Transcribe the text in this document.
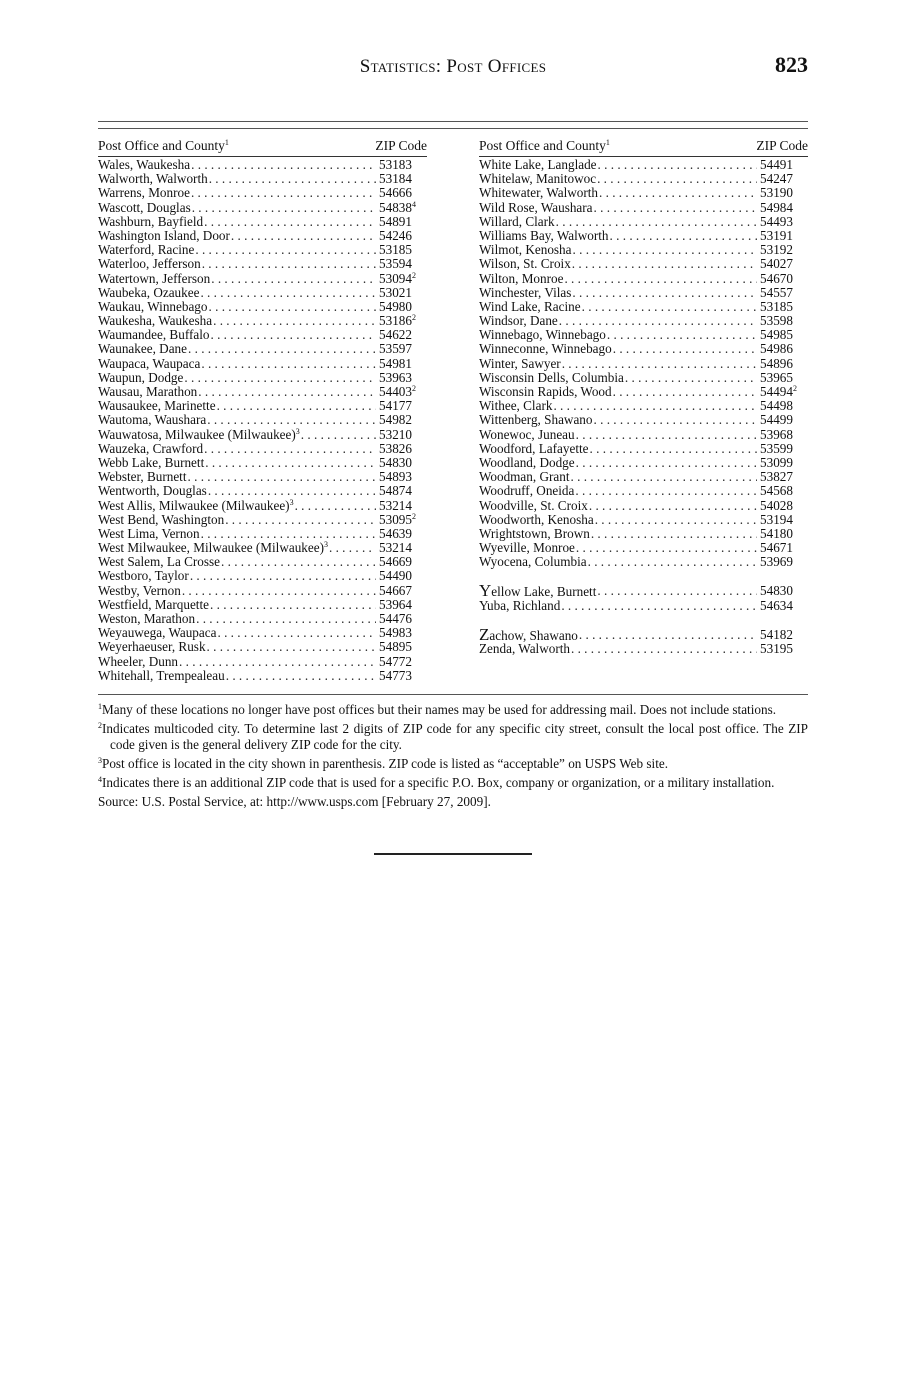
Statistics: Post Offices	823
Post Office and County$^1$	ZIP Code
Wales, Waukesha . . .	53183
Walworth, Walworth . . .	53184
Warrens, Monroe . . .	54666
Wascott, Douglas . . .	54838$^4$
Washburn, Bayfield . . .	54891
Washington Island, Door . . .	54246
Waterford, Racine . . .	53185
Waterloo, Jefferson . . .	53594
Watertown, Jefferson . . .	53094$^2$
Waubeka, Ozaukee . . .	53021
Waukau, Winnebago . . .	54980
Waukesha, Waukesha . . .	53186$^2$
Waumandee, Buffalo . . .	54622
Waunakee, Dane . . .	53597
Waupaca, Waupaca . . .	54981
Waupun, Dodge . . .	53963
Wausau, Marathon . . .	54403$^2$
Wausaukee, Marinette . . .	54177
Wautoma, Waushara . . .	54982
Wauwatosa, Milwaukee (Milwaukee)$^3$ . . .	53210
Wauzeka, Crawford . . .	53826
Webb Lake, Burnett . . .	54830
Webster, Burnett . . .	54893
Wentworth, Douglas . . .	54874
West Allis, Milwaukee (Milwaukee)$^3$ . . .	53214
West Bend, Washington . . .	53095$^2$
West Lima, Vernon . . .	54639
West Milwaukee, Milwaukee (Milwaukee)$^3$ . . .	53214
West Salem, La Crosse . . .	54669
Westboro, Taylor . . .	54490
Westby, Vernon . . .	54667
Westfield, Marquette . . .	53964
Weston, Marathon . . .	54476
Weyauwega, Waupaca . . .	54983
Weyerhaeuser, Rusk . . .	54895
Wheeler, Dunn . . .	54772
Whitehall, Trempealeau . . .	54773
Post Office and County$^1$	ZIP Code
White Lake, Langlade . . .	54491
Whitelaw, Manitowoc . . .	54247
Whitewater, Walworth . . .	53190
Wild Rose, Waushara . . .	54984
Willard, Clark . . .	54493
Williams Bay, Walworth . . .	53191
Wilmot, Kenosha . . .	53192
Wilson, St. Croix . . .	54027
Wilton, Monroe . . .	54670
Winchester, Vilas . . .	54557
Wind Lake, Racine . . .	53185
Windsor, Dane . . .	53598
Winnebago, Winnebago . . .	54985
Winneconne, Winnebago . . .	54986
Winter, Sawyer . . .	54896
Wisconsin Dells, Columbia . . .	53965
Wisconsin Rapids, Wood . . .	54494$^2$
Withee, Clark . . .	54498
Wittenberg, Shawano . . .	54499
Wonewoc, Juneau . . .	53968
Woodford, Lafayette . . .	53599
Woodland, Dodge . . .	53099
Woodman, Grant . . .	53827
Woodruff, Oneida . . .	54568
Woodville, St. Croix . . .	54028
Woodworth, Kenosha . . .	53194
Wrightstown, Brown . . .	54180
Wyeville, Monroe . . .	54671
Wyocena, Columbia . . .	53969
Yellow Lake, Burnett . . .	54830
Yuba, Richland . . .	54634
Zachow, Shawano . . .	54182
Zenda, Walworth . . .	53195
$^1$Many of these locations no longer have post offices but their names may be used for addressing mail. Does not include stations.
$^2$Indicates multicoded city. To determine last 2 digits of ZIP code for any specific city street, consult the local post office. The ZIP code given is the general delivery ZIP code for the city.
$^3$Post office is located in the city shown in parenthesis. ZIP code is listed as “acceptable” on USPS Web site.
$^4$Indicates there is an additional ZIP code that is used for a specific P.O. Box, company or organization, or a military installation.
Source: U.S. Postal Service, at: http://www.usps.com [February 27, 2009].
